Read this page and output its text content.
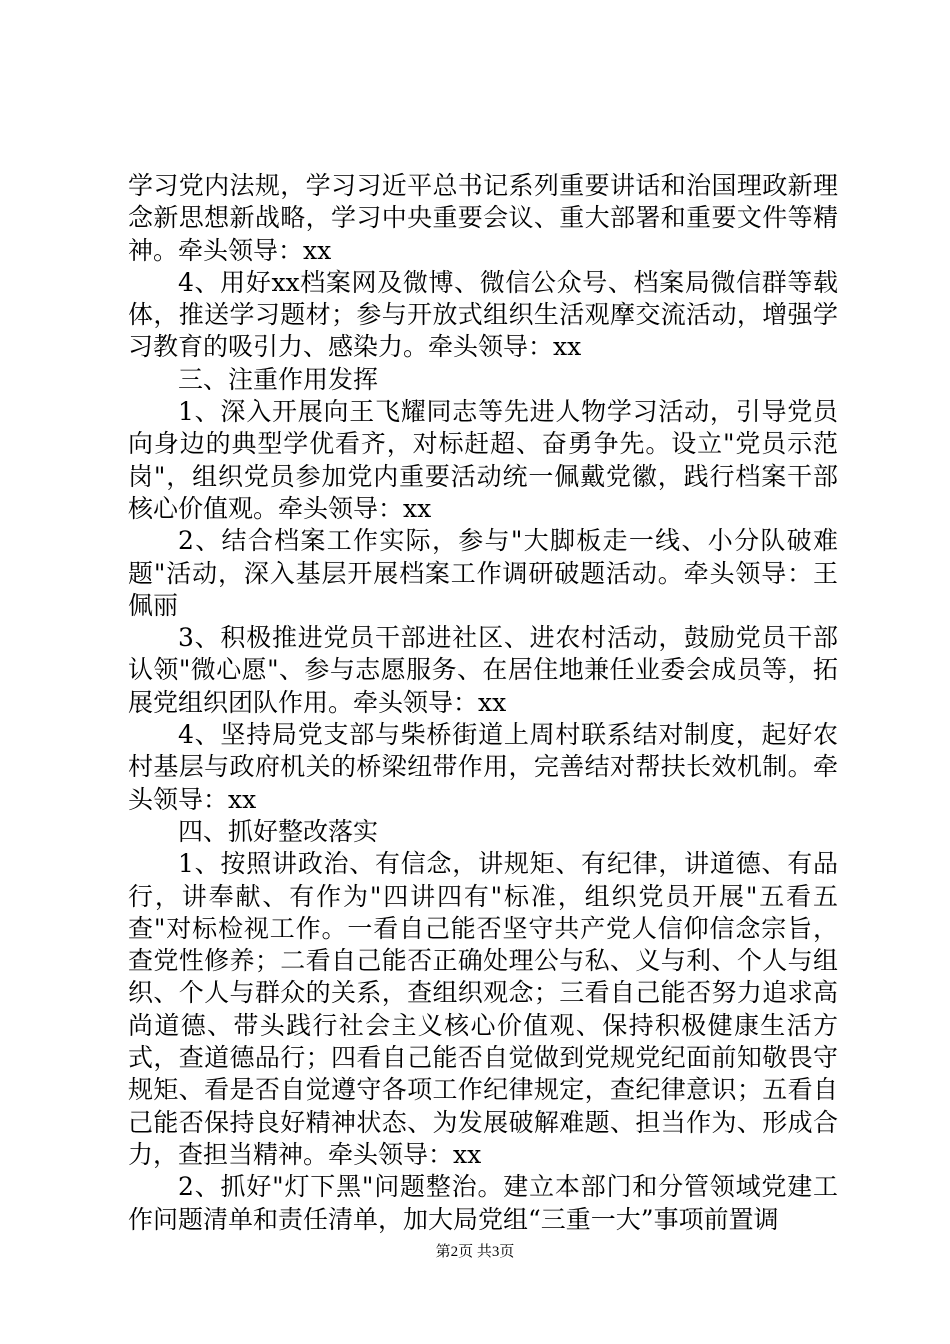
学习党内法规，学习习近平总书记系列重要讲话和治国理政新理念新思想新战略，学习中央重要会议、重大部署和重要文件等精神。牵头领导：xx

4、用好xx档案网及微博、微信公众号、档案局微信群等载体，推送学习题材；参与开放式组织生活观摩交流活动，增强学习教育的吸引力、感染力。牵头领导：xx

三、注重作用发挥

1、深入开展向王飞耀同志等先进人物学习活动，引导党员向身边的典型学优看齐，对标赶超、奋勇争先。设立"党员示范岗"，组织党员参加党内重要活动统一佩戴党徽，践行档案干部核心价值观。牵头领导：xx

2、结合档案工作实际，参与"大脚板走一线、小分队破难题"活动，深入基层开展档案工作调研破题活动。牵头领导：王佩丽

3、积极推进党员干部进社区、进农村活动，鼓励党员干部认领"微心愿"、参与志愿服务、在居住地兼任业委会成员等，拓展党组织团队作用。牵头领导：xx

4、坚持局党支部与柴桥街道上周村联系结对制度，起好农村基层与政府机关的桥梁纽带作用，完善结对帮扶长效机制。牵头领导：xx

四、抓好整改落实

1、按照讲政治、有信念，讲规矩、有纪律，讲道德、有品行，讲奉献、有作为"四讲四有"标准，组织党员开展"五看五查"对标检视工作。一看自己能否坚守共产党人信仰信念宗旨，查党性修养；二看自己能否正确处理公与私、义与利、个人与组织、个人与群众的关系，查组织观念；三看自己能否努力追求高尚道德、带头践行社会主义核心价值观、保持积极健康生活方式，查道德品行；四看自己能否自觉做到党规党纪面前知敬畏守规矩、看是否自觉遵守各项工作纪律规定，查纪律意识；五看自己能否保持良好精神状态、为发展破解难题、担当作为、形成合力，查担当精神。牵头领导：xx

2、抓好"灯下黑"问题整治。建立本部门和分管领域党建工作问题清单和责任清单，加大局党组“三重一大”事项前置调

第2页 共3页
